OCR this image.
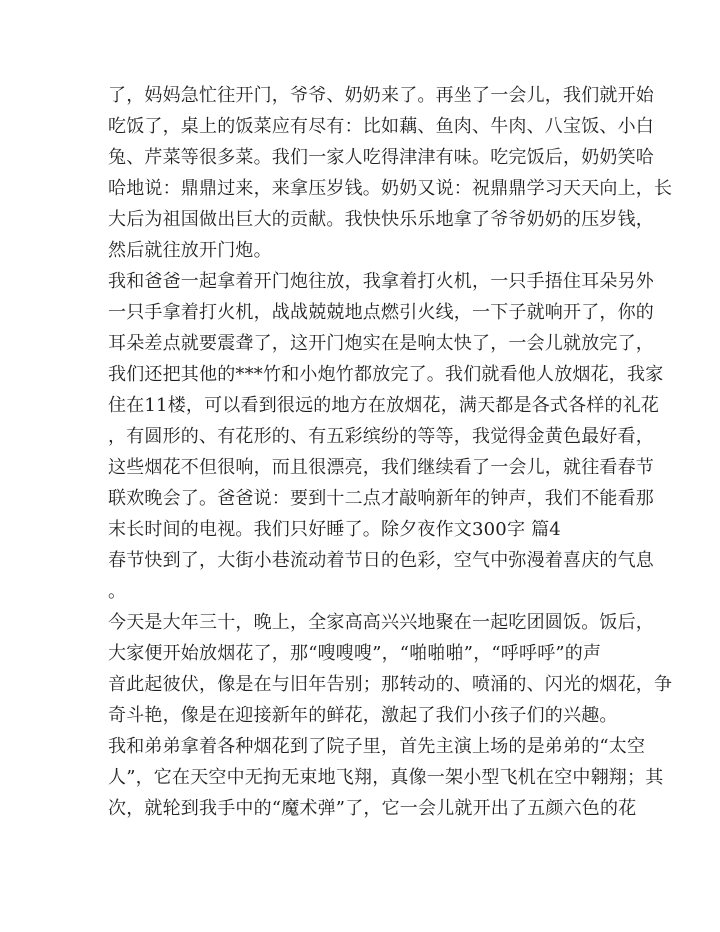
了，妈妈急忙往开门，爷爷、奶奶来了。再坐了一会儿，我们就开始
吃饭了，桌上的饭菜应有尽有：比如藕、鱼肉、牛肉、八宝饭、小白
兔、芹菜等很多菜。我们一家人吃得津津有味。吃完饭后，奶奶笑哈
哈地说：鼎鼎过来，来拿压岁钱。奶奶又说：祝鼎鼎学习天天向上，长
大后为祖国做出巨大的贡献。我快快乐乐地拿了爷爷奶奶的压岁钱，
然后就往放开门炮。
我和爸爸一起拿着开门炮往放，我拿着打火机，一只手捂住耳朵另外
一只手拿着打火机，战战兢兢地点燃引火线，一下子就响开了，你的
耳朵差点就要震聋了，这开门炮实在是响太快了，一会儿就放完了，
我们还把其他的***竹和小炮竹都放完了。我们就看他人放烟花，我家
住在11楼，可以看到很远的地方在放烟花，满天都是各式各样的礼花
，有圆形的、有花形的、有五彩缤纷的等等，我觉得金黄色最好看，
这些烟花不但很响，而且很漂亮，我们继续看了一会儿，就往看春节
联欢晚会了。爸爸说：要到十二点才敲响新年的钟声，我们不能看那
末长时间的电视。我们只好睡了。除夕夜作文300字 篇4
春节快到了，大街小巷流动着节日的色彩，空气中弥漫着喜庆的气息
。
今天是大年三十，晚上，全家高高兴兴地聚在一起吃团圆饭。饭后，
大家便开始放烟花了，那“嗖嗖嗖”，“啪啪啪”，“呼呼呼”的声
音此起彼伏，像是在与旧年告别；那转动的、喷涌的、闪光的烟花，争
奇斗艳，像是在迎接新年的鲜花，激起了我们小孩子们的兴趣。
我和弟弟拿着各种烟花到了院子里，首先主演上场的是弟弟的“太空
人”，它在天空中无拘无束地飞翔，真像一架小型飞机在空中翱翔；其
次，就轮到我手中的“魔术弹”了，它一会儿就开出了五颜六色的花
